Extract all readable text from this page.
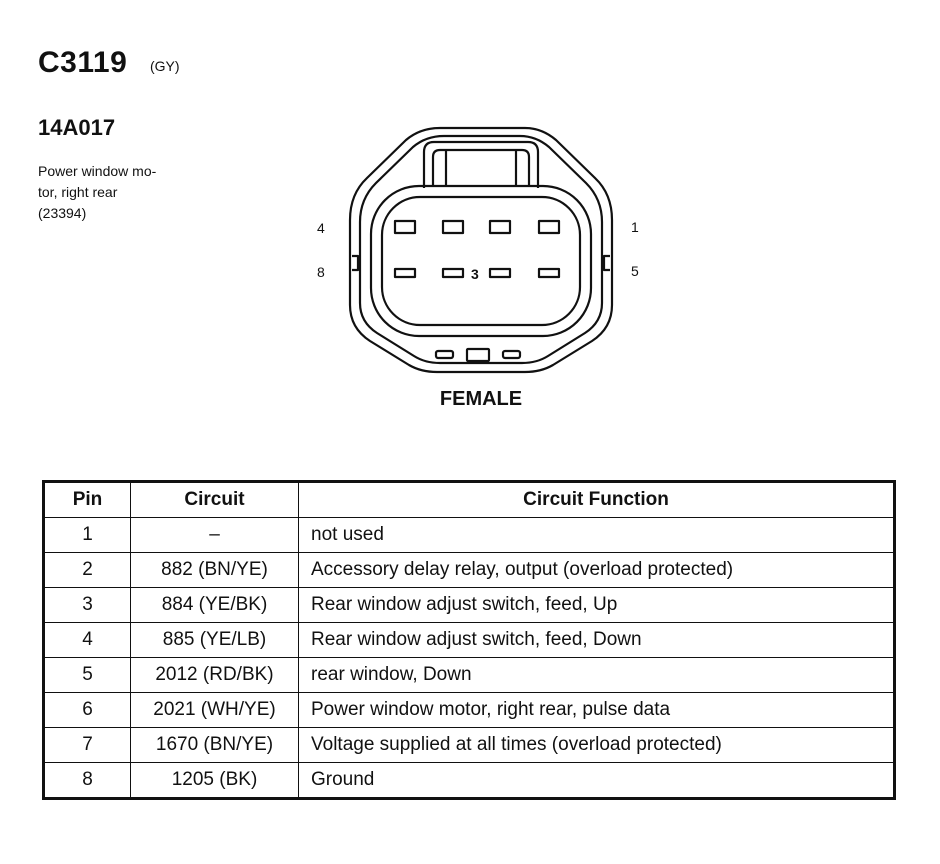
C3119 (GY)
14A017
Power window mo-
tor, right rear
(23394)
4
8
1
5
3
FEMALE
Pin	Circuit	Circuit Function
1	–	not used
2	882 (BN/YE)	Accessory delay relay, output (overload protected)
3	884 (YE/BK)	Rear window adjust switch, feed, Up
4	885 (YE/LB)	Rear window adjust switch, feed, Down
5	2012 (RD/BK)	rear window, Down
6	2021 (WH/YE)	Power window motor, right rear, pulse data
7	1670 (BN/YE)	Voltage supplied at all times (overload protected)
8	1205 (BK)	Ground
